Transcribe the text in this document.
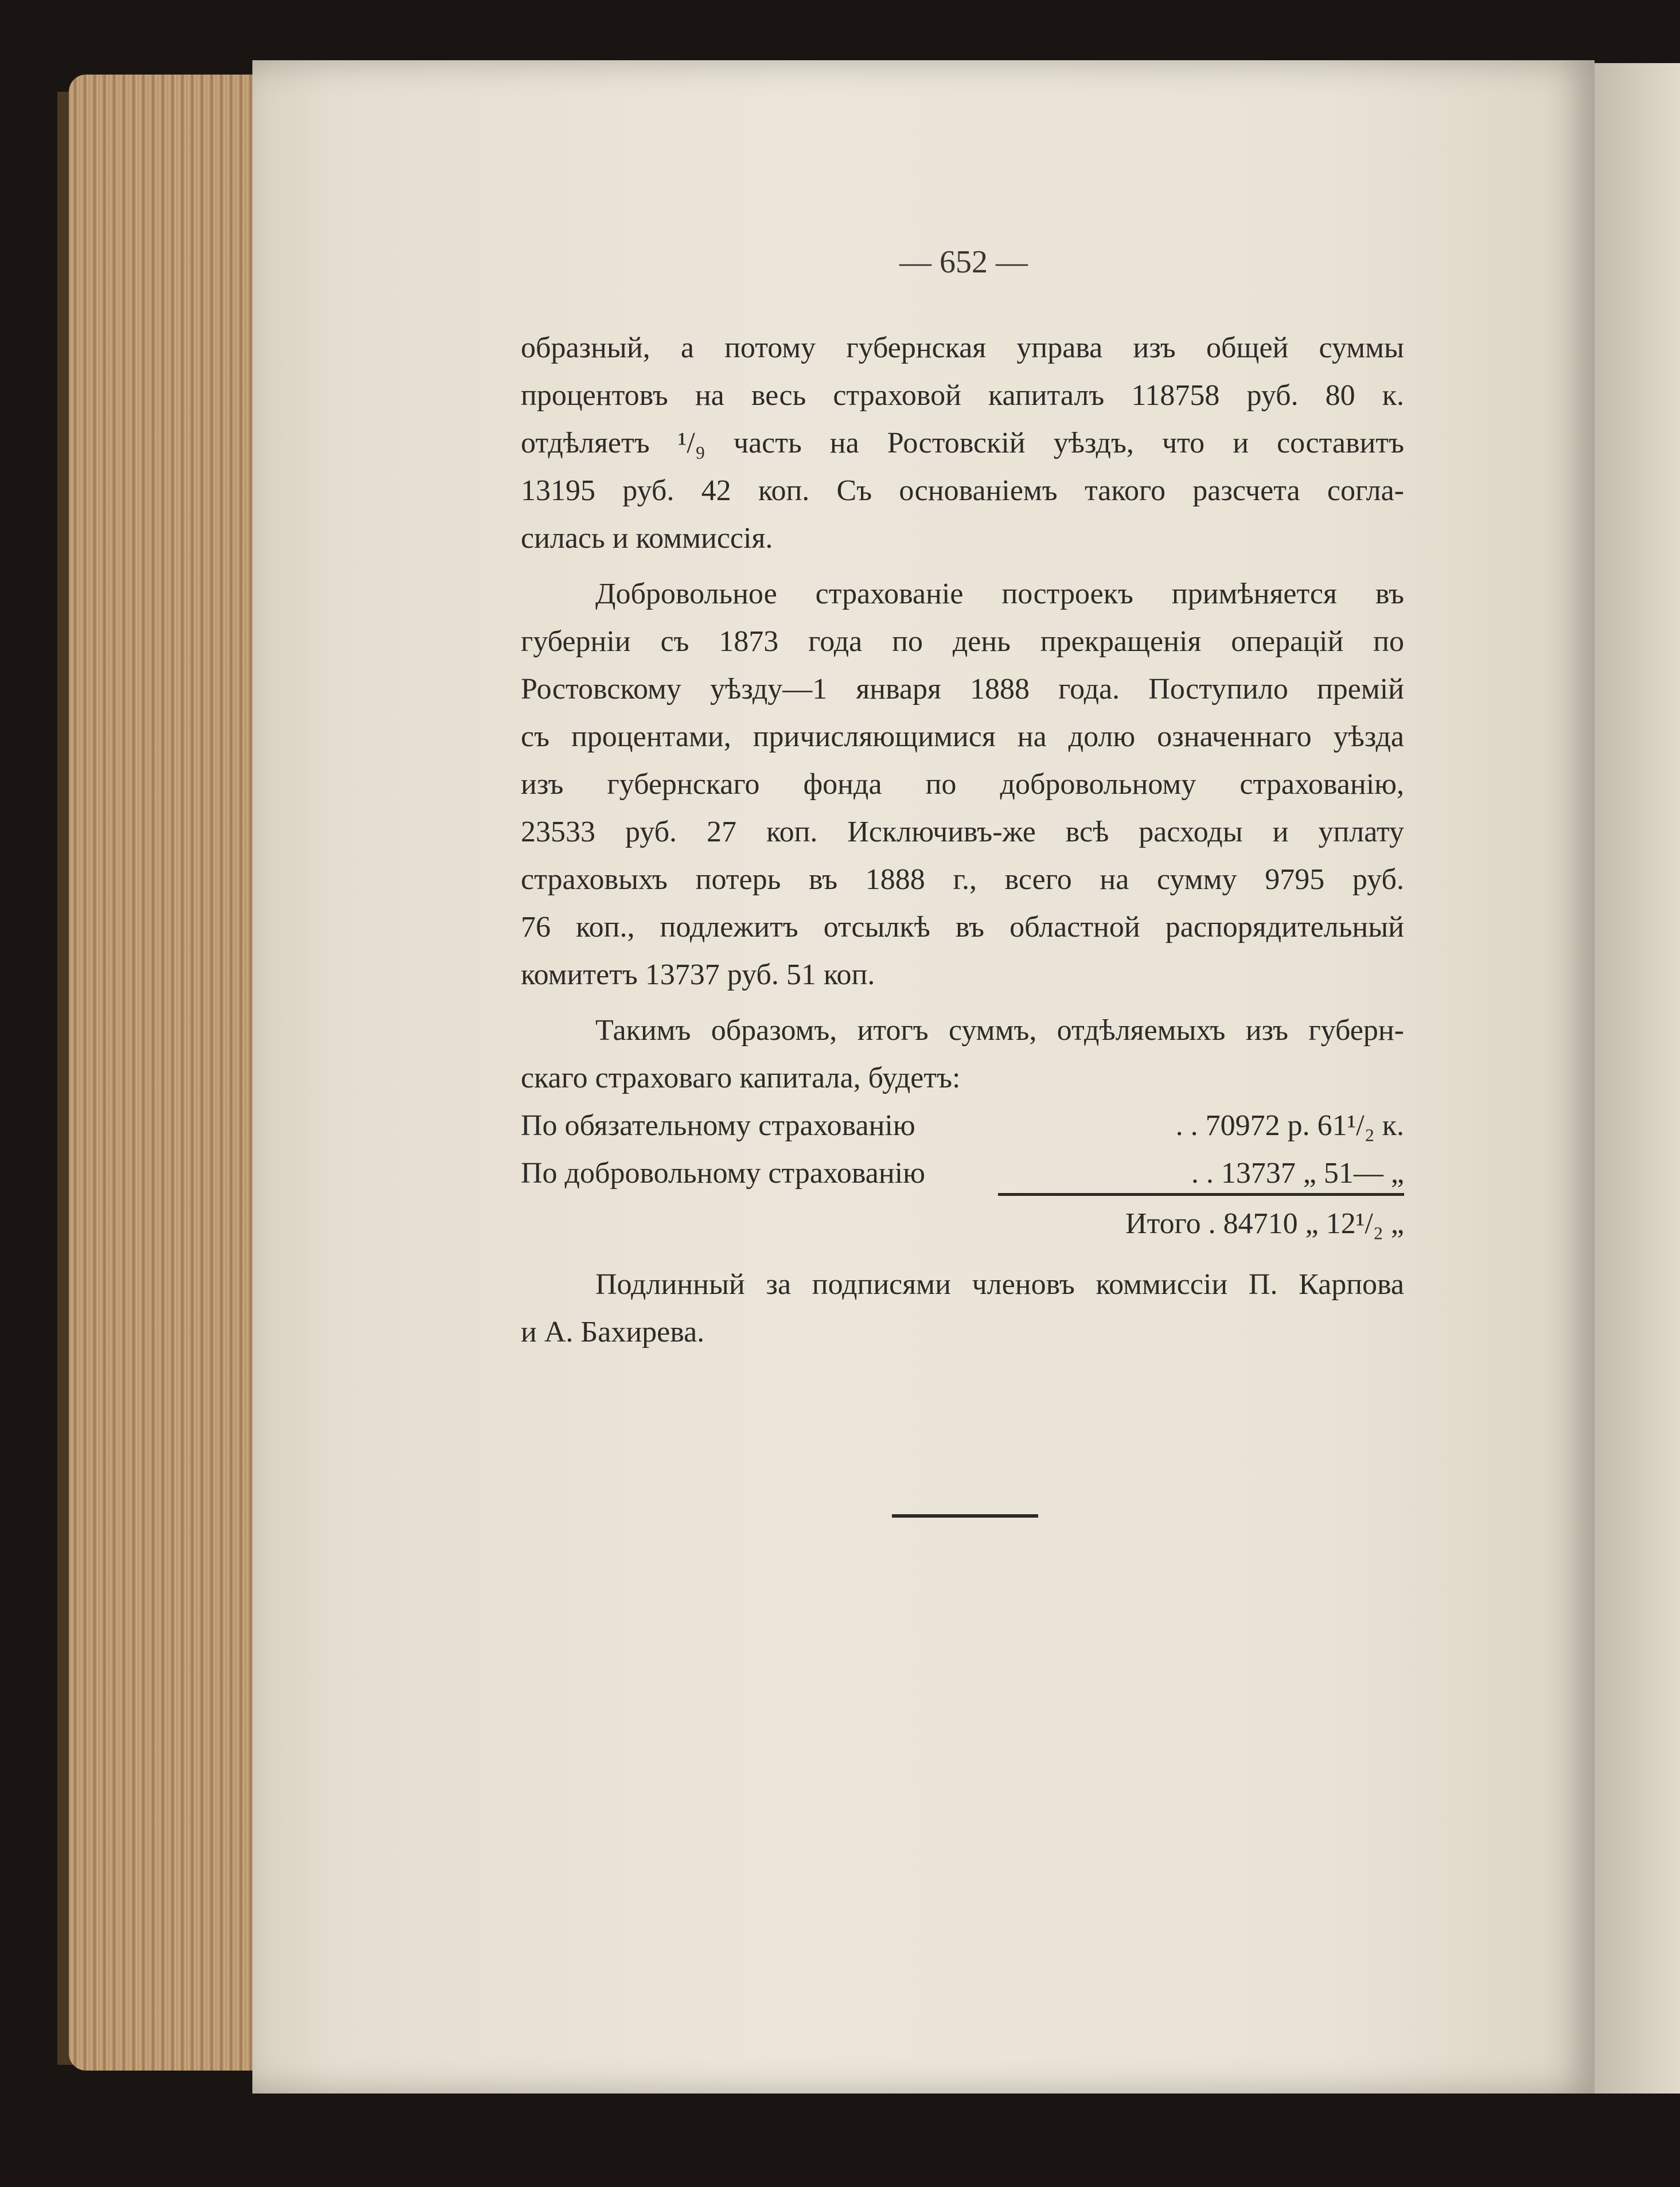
— 652 —
образный, а потому губернская управа изъ общей суммы
процентовъ на весь страховой капиталъ 118758 руб. 80 к.
отдѣляетъ ¹/₉ часть на Ростовскій уѣздъ, что и составитъ
13195 руб. 42 коп. Съ основаніемъ такого разсчета согла-
силась и коммиссія.
Добровольное страхованіе построекъ примѣняется въ
губерніи съ 1873 года по день прекращенія операцій по
Ростовскому уѣзду—1 января 1888 года. Поступило премій
съ процентами, причисляющимися на долю означеннаго уѣзда
изъ губернскаго фонда по добровольному страхованію,
23533 руб. 27 коп. Исключивъ-же всѣ расходы и уплату
страховыхъ потерь въ 1888 г., всего на сумму 9795 руб.
76 коп., подлежитъ отсылкѣ въ областной распорядительный
комитетъ 13737 руб. 51 коп.
Такимъ образомъ, итогъ суммъ, отдѣляемыхъ изъ губерн-
скаго страховаго капитала, будетъ:
По обязательному страхованію	. . 70972 р. 61¹/₂ к.
По добровольному страхованію	. . 13737 „ 51— „
Итого . 84710 „ 12¹/₂ „
Подлинный за подписями членовъ коммиссіи П. Карпова
и А. Бахирева.
